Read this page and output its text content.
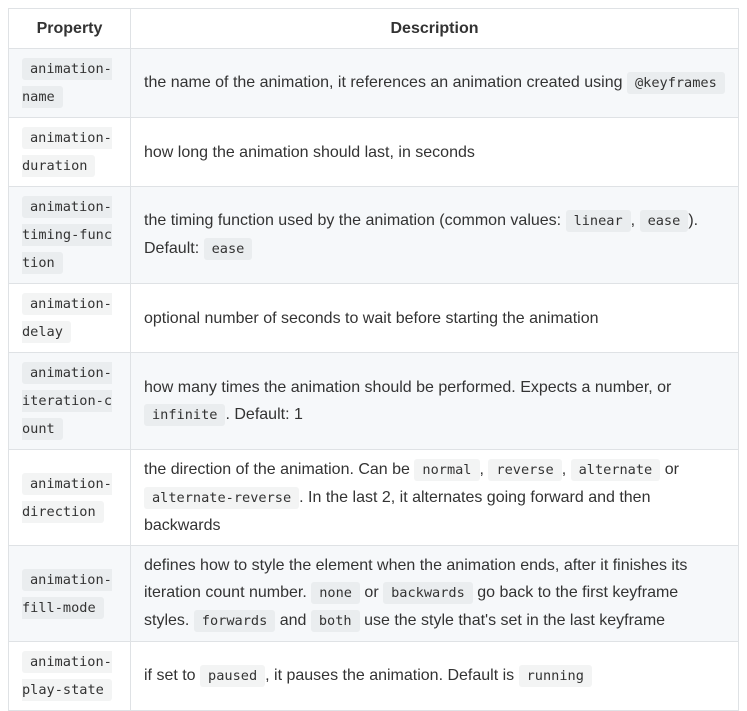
Property	Description
animation-name	the name of the animation, it references an animation created using @keyframes
animation-duration	how long the animation should last, in seconds
animation-timing-function	the timing function used by the animation (common values: linear , ease ). Default: ease
animation-delay	optional number of seconds to wait before starting the animation
animation-iteration-count	how many times the animation should be performed. Expects a number, or infinite . Default: 1
animation-direction	the direction of the animation. Can be normal , reverse , alternate or alternate-reverse . In the last 2, it alternates going forward and then backwards
animation-fill-mode	defines how to style the element when the animation ends, after it finishes its iteration count number. none or backwards go back to the first keyframe styles. forwards and both use the style that's set in the last keyframe
animation-play-state	if set to paused , it pauses the animation. Default is running
